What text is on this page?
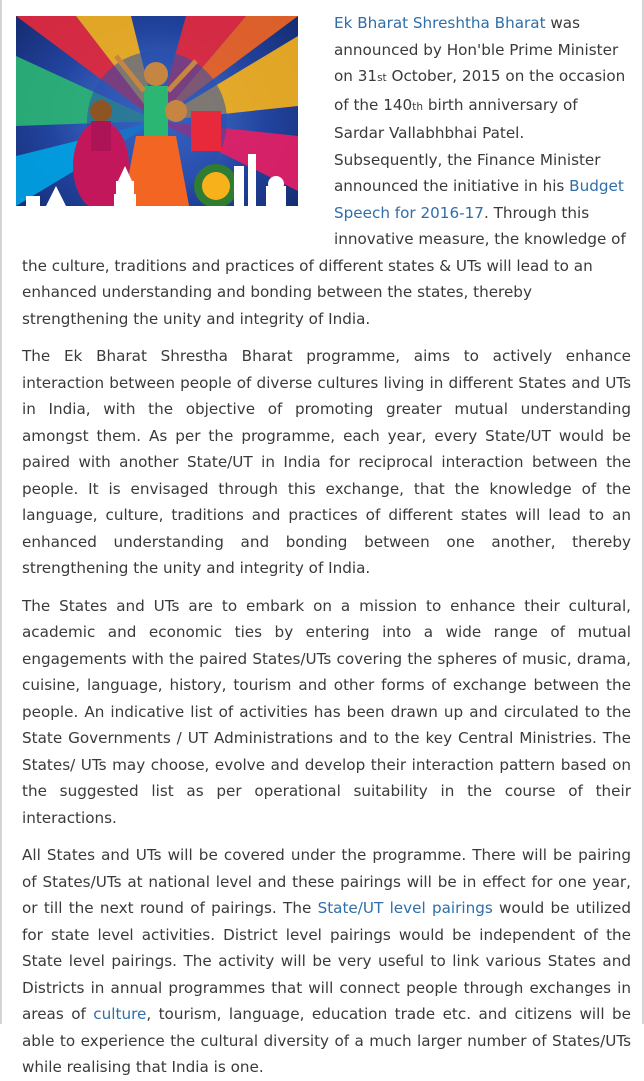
Ek Bharat Shreshtha Bharat was announced by Hon'ble Prime Minister on 31st October, 2015 on the occasion of the 140th birth anniversary of Sardar Vallabhbhai Patel. Subsequently, the Finance Minister announced the initiative in his Budget Speech for 2016-17. Through this innovative measure, the knowledge of the culture, traditions and practices of different states & UTs will lead to an enhanced understanding and bonding between the states, thereby strengthening the unity and integrity of India.

The Ek Bharat Shrestha Bharat programme, aims to actively enhance interaction between people of diverse cultures living in different States and UTs in India, with the objective of promoting greater mutual understanding amongst them. As per the programme, each year, every State/UT would be paired with another State/UT in India for reciprocal interaction between the people. It is envisaged through this exchange, that the knowledge of the language, culture, traditions and practices of different states will lead to an enhanced understanding and bonding between one another, thereby strengthening the unity and integrity of India.

The States and UTs are to embark on a mission to enhance their cultural, academic and economic ties by entering into a wide range of mutual engagements with the paired States/UTs covering the spheres of music, drama, cuisine, language, history, tourism and other forms of exchange between the people. An indicative list of activities has been drawn up and circulated to the State Governments / UT Administrations and to the key Central Ministries. The States/ UTs may choose, evolve and develop their interaction pattern based on the suggested list as per operational suitability in the course of their interactions.

All States and UTs will be covered under the programme. There will be pairing of States/UTs at national level and these pairings will be in effect for one year, or till the next round of pairings. The State/UT level pairings would be utilized for state level activities. District level pairings would be independent of the State level pairings. The activity will be very useful to link various States and Districts in annual programmes that will connect people through exchanges in areas of culture, tourism, language, education trade etc. and citizens will be able to experience the cultural diversity of a much larger number of States/UTs while realising that India is one.
